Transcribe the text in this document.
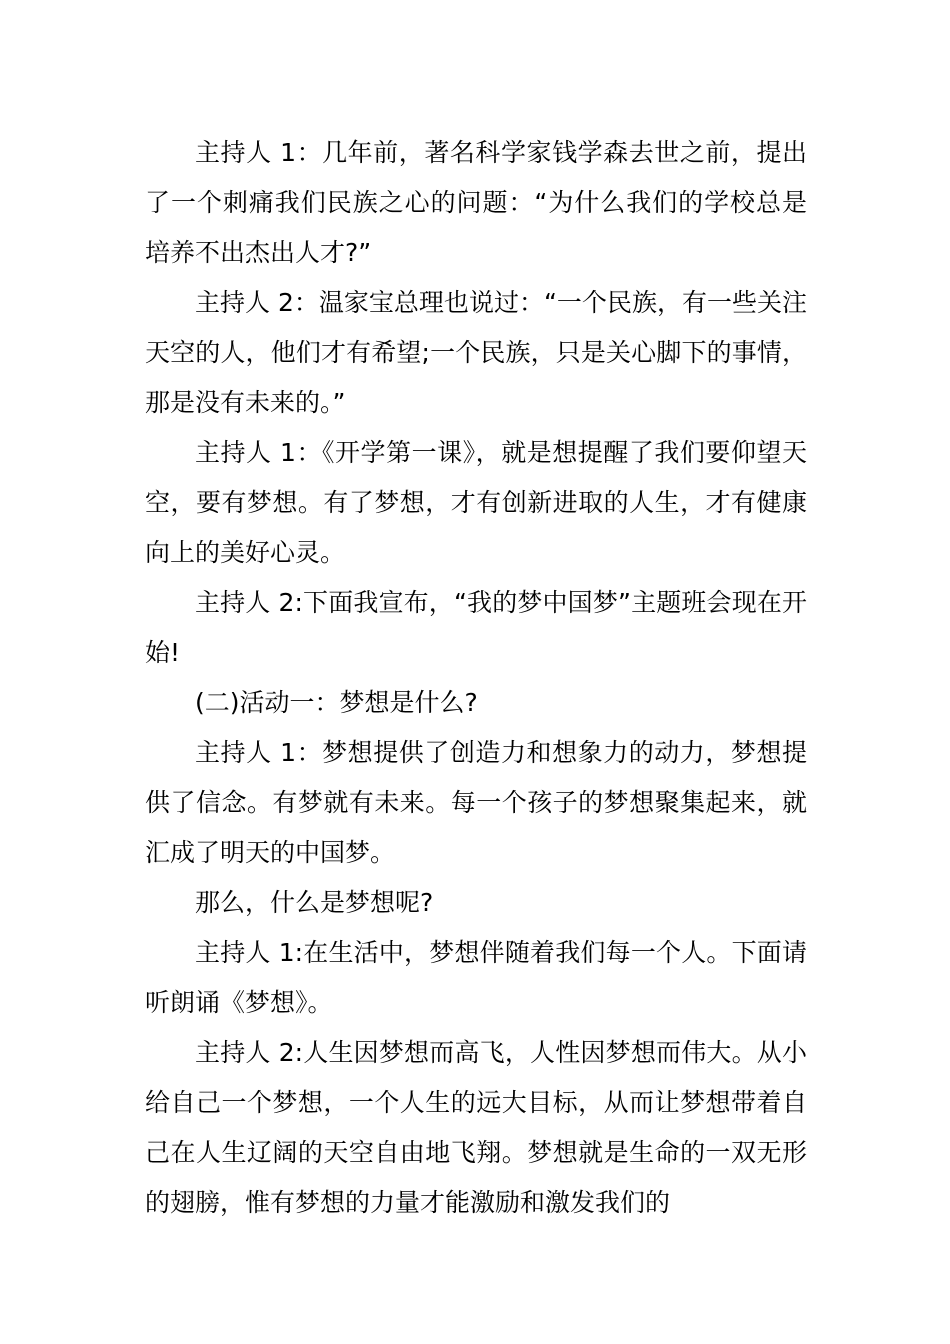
主持人 1：几年前，著名科学家钱学森去世之前，提出了一个刺痛我们民族之心的问题：“为什么我们的学校总是培养不出杰出人才?”

主持人 2：温家宝总理也说过：“一个民族，有一些关注天空的人，他们才有希望;一个民族，只是关心脚下的事情，那是没有未来的。”

主持人 1：《开学第一课》，就是想提醒了我们要仰望天空，要有梦想。有了梦想，才有创新进取的人生，才有健康向上的美好心灵。

主持人 2:下面我宣布，“我的梦中国梦”主题班会现在开始!

(二)活动一：梦想是什么?

主持人 1：梦想提供了创造力和想象力的动力，梦想提供了信念。有梦就有未来。每一个孩子的梦想聚集起来，就汇成了明天的中国梦。

那么，什么是梦想呢?

主持人 1:在生活中，梦想伴随着我们每一个人。下面请听朗诵《梦想》。

主持人 2:人生因梦想而高飞，人性因梦想而伟大。从小给自己一个梦想，一个人生的远大目标，从而让梦想带着自己在人生辽阔的天空自由地飞翔。梦想就是生命的一双无形的翅膀，惟有梦想的力量才能激励和激发我们的
